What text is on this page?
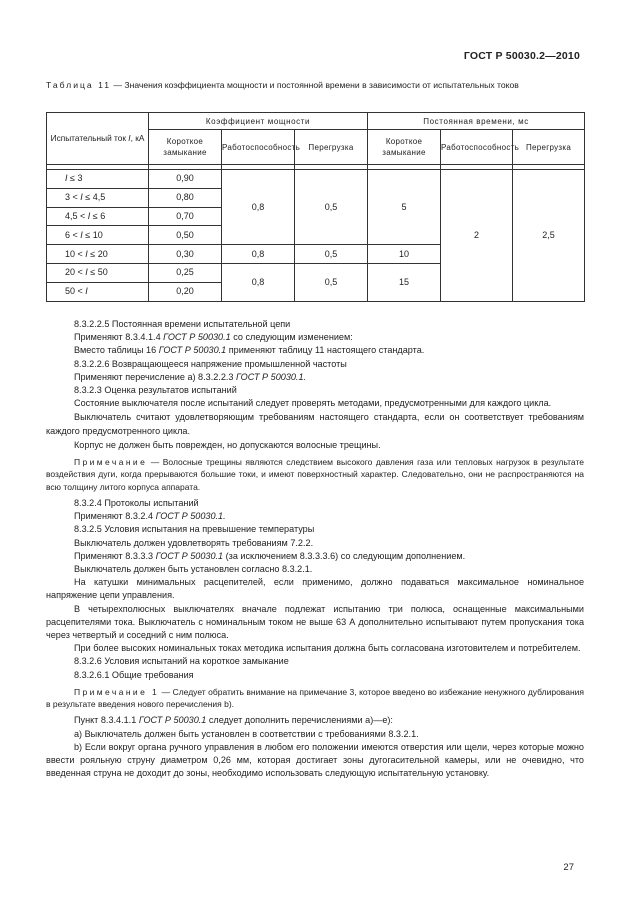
ГОСТ Р 50030.2—2010
Таблица 11 — Значения коэффициента мощности и постоянной времени в зависимости от испытательных токов
Испытательный ток I, кА	Коэффициент мощности			Постоянная времени, мс		
	Короткое замыкание	Работоспособность	Перегрузка	Короткое замыкание	Работоспособность	Перегрузка

I ≤ 3	0,90	0,8	0,5	5	2	2,5
3 < I ≤ 4,5	0,80					
4,5 < I ≤ 6	0,70					
6 < I ≤ 10	0,50					
10 < I ≤ 20	0,30	0,8	0,5	10		
20 < I ≤ 50	0,25	0,8	0,5	15		
50 < I	0,20					

8.3.2.2.5 Постоянная времени испытательной цепи

Применяют 8.3.4.1.4 ГОСТ Р 50030.1 со следующим изменением:

Вместо таблицы 16 ГОСТ Р 50030.1 применяют таблицу 11 настоящего стандарта.

8.3.2.2.6 Возвращающееся напряжение промышленной частоты

Применяют перечисление а) 8.3.2.2.3 ГОСТ Р 50030.1.

8.3.2.3 Оценка результатов испытаний

Состояние выключателя после испытаний следует проверять методами, предусмотренными для каждого цикла.

Выключатель считают удовлетворяющим требованиям настоящего стандарта, если он соответствует требованиям каждого предусмотренного цикла.

Корпус не должен быть поврежден, но допускаются волосные трещины.

Примечание — Волосные трещины являются следствием высокого давления газа или тепловых нагрузок в результате воздействия дуги, когда прерываются большие токи, и имеют поверхностный характер. Следовательно, они не распространяются на всю толщину литого корпуса аппарата.

8.3.2.4 Протоколы испытаний

Применяют 8.3.2.4 ГОСТ Р 50030.1.

8.3.2.5 Условия испытания на превышение температуры

Выключатель должен удовлетворять требованиям 7.2.2.

Применяют 8.3.3.3 ГОСТ Р 50030.1 (за исключением 8.3.3.3.6) со следующим дополнением.

Выключатель должен быть установлен согласно 8.3.2.1.

На катушки минимальных расцепителей, если применимо, должно подаваться максимальное номинальное напряжение цепи управления.

В четырехполюсных выключателях вначале подлежат испытанию три полюса, оснащенные максимальными расцепителями тока. Выключатель с номинальным током не выше 63 А дополнительно испытывают путем пропускания тока через четвертый и соседний с ним полюса.

При более высоких номинальных токах методика испытания должна быть согласована изготовителем и потребителем.

8.3.2.6 Условия испытаний на короткое замыкание

8.3.2.6.1 Общие требования

Примечание 1 — Следует обратить внимание на примечание 3, которое введено во избежание ненужного дублирования в результате введения нового перечисления b).

Пункт 8.3.4.1.1 ГОСТ Р 50030.1 следует дополнить перечислениями а)—е):

a) Выключатель должен быть установлен в соответствии с требованиями 8.3.2.1.

b) Если вокруг органа ручного управления в любом его положении имеются отверстия или щели, через которые можно ввести рояльную струну диаметром 0,26 мм, которая достигает зоны дугогасительной камеры, или не очевидно, что введенная струна не доходит до зоны, необходимо использовать следующую испытательную установку.

27
